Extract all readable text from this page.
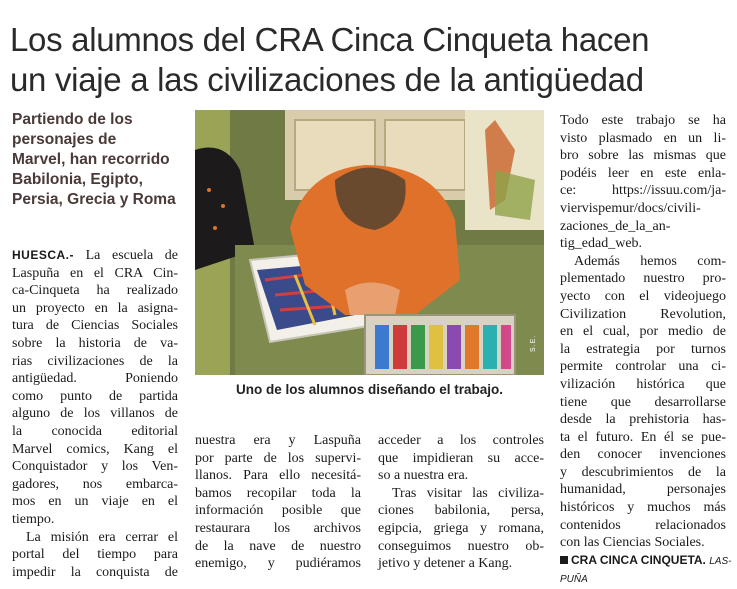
Los alumnos del CRA Cinca Cinqueta hacen
un viaje a las civilizaciones de la antigüedad
Partiendo de los
personajes de
Marvel, han recorrido
Babilonia, Egipto,
Persia, Grecia y Roma
HUESCA.- La escuela de
Laspuña en el CRA Cin-
ca-Cinqueta ha realizado
un proyecto en la asigna-
tura de Ciencias Sociales
sobre la historia de va-
rias civilizaciones de la
antigüedad. Poniendo
como punto de partida
alguno de los villanos de
la conocida editorial
Marvel comics, Kang el
Conquistador y los Ven-
gadores, nos embarca-
mos en un viaje en el
tiempo.
La misión era cerrar el
portal del tiempo para
impedir la conquista de
S.E.
Uno de los alumnos diseñando el trabajo.
nuestra era y Laspuña
por parte de los supervi-
llanos. Para ello necesitá-
bamos recopilar toda la
información posible que
restaurara los archivos
de la nave de nuestro
enemigo, y pudiéramos
acceder a los controles
que impidieran su acce-
so a nuestra era.
Tras visitar las civiliza-
ciones babilonia, persa,
egipcia, griega y romana,
conseguimos nuestro ob-
jetivo y detener a Kang.
Todo este trabajo se ha
visto plasmado en un li-
bro sobre las mismas que
podéis leer en este enla-
ce: https://issuu.com/ja-
viervispemur/docs/civili-
zaciones_de_la_an-
tig_edad_web.
Además hemos com-
plementado nuestro pro-
yecto con el videojuego
Civilization Revolution,
en el cual, por medio de
la estrategia por turnos
permite controlar una ci-
vilización histórica que
tiene que desarrollarse
desde la prehistoria has-
ta el futuro. En él se pue-
den conocer invenciones
y descubrimientos de la
humanidad, personajes
históricos y muchos más
contenidos relacionados
con las Ciencias Sociales.
CRA CINCA CINQUETA. LAS-
PUÑA
